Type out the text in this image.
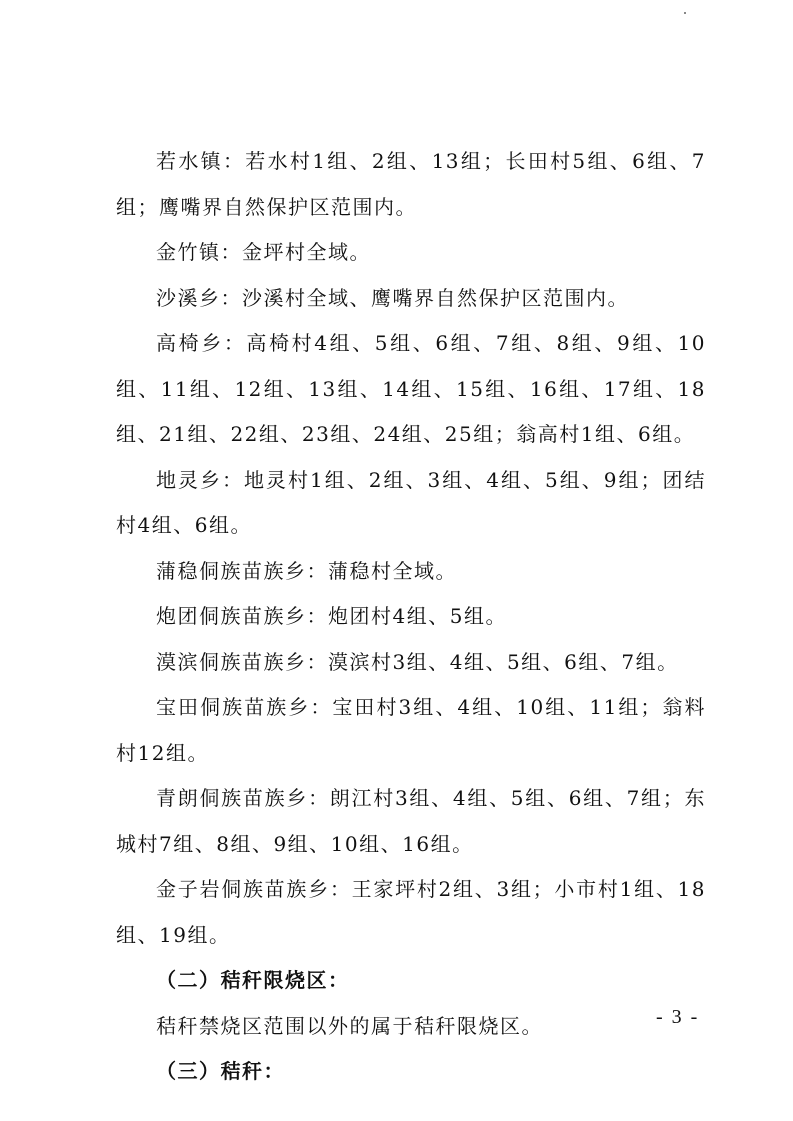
若水镇：若水村1组、2组、13组；长田村5组、6组、7组；鹰嘴界自然保护区范围内。

金竹镇：金坪村全域。

沙溪乡：沙溪村全域、鹰嘴界自然保护区范围内。

高椅乡：高椅村4组、5组、6组、7组、8组、9组、10组、11组、12组、13组、14组、15组、16组、17组、18组、21组、22组、23组、24组、25组；翁高村1组、6组。

地灵乡：地灵村1组、2组、3组、4组、5组、9组；团结村4组、6组。

蒲稳侗族苗族乡：蒲稳村全域。

炮团侗族苗族乡：炮团村4组、5组。

漠滨侗族苗族乡：漠滨村3组、4组、5组、6组、7组。

宝田侗族苗族乡：宝田村3组、4组、10组、11组；翁料村12组。

青朗侗族苗族乡：朗江村3组、4组、5组、6组、7组；东城村7组、8组、9组、10组、16组。

金子岩侗族苗族乡：王家坪村2组、3组；小市村1组、18组、19组。

（二）秸秆限烧区：

秸秆禁烧区范围以外的属于秸秆限烧区。

（三）秸秆：

- 3 -
